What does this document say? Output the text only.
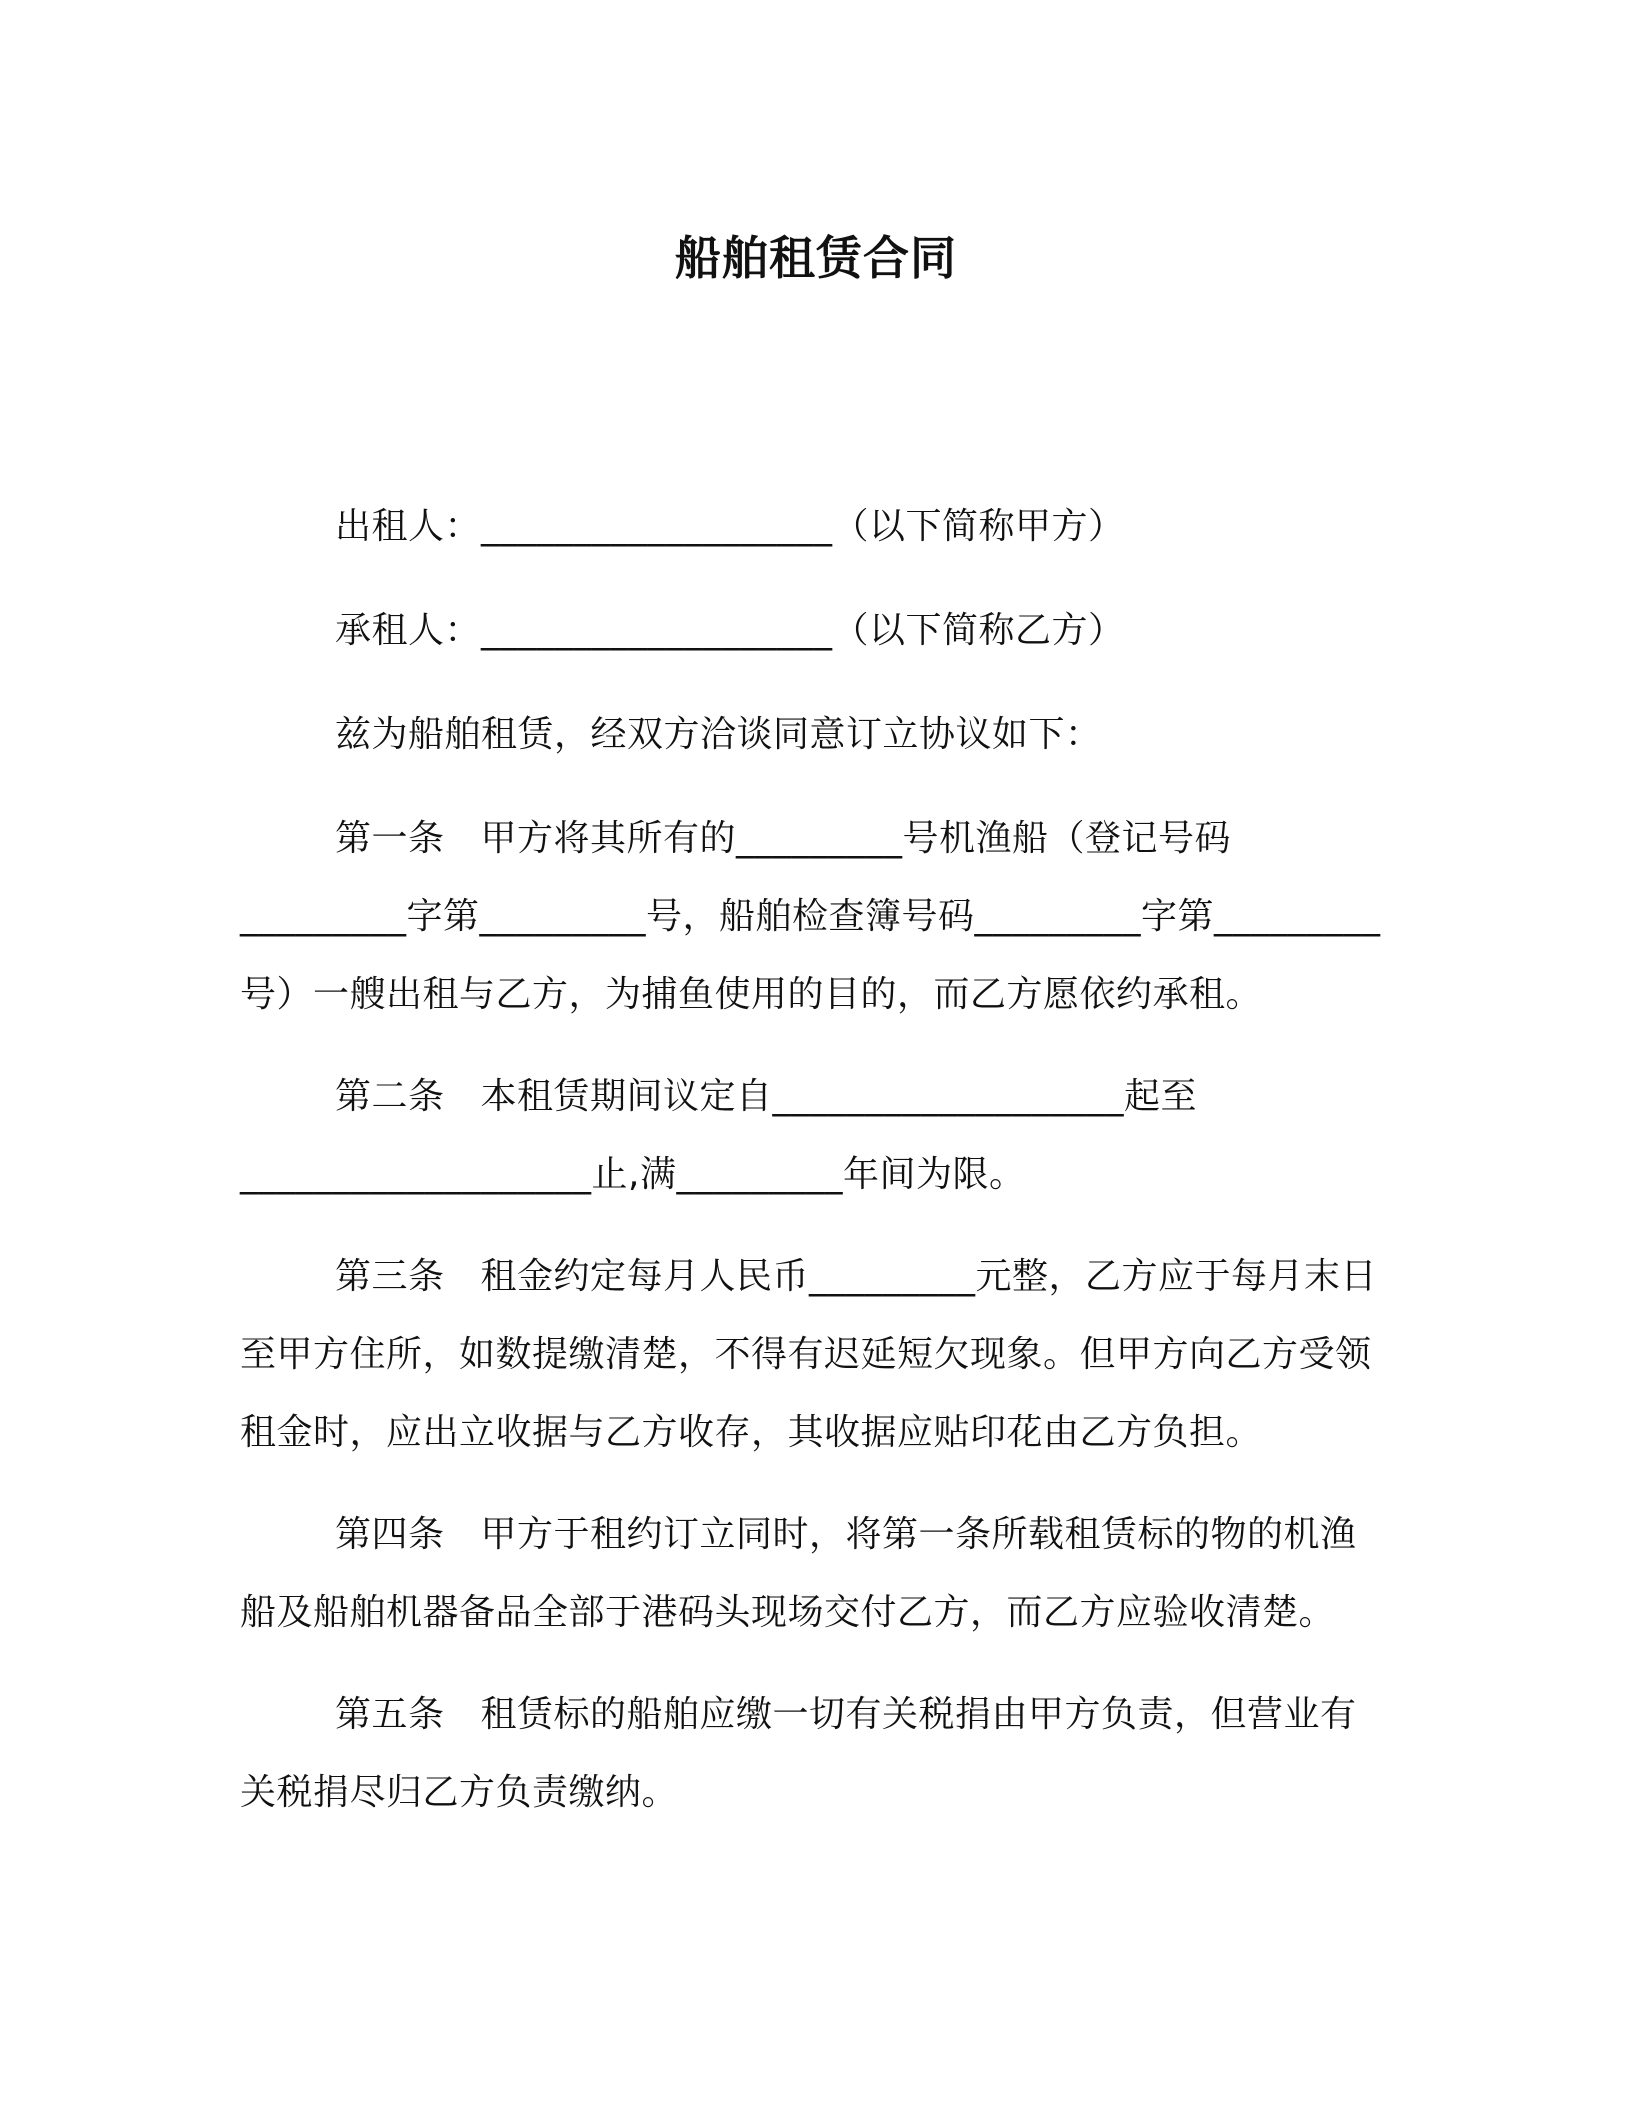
船舶租赁合同

出租人：___________________（以下简称甲方）

承租人：___________________（以下简称乙方）

兹为船舶租赁，经双方洽谈同意订立协议如下：

第一条 甲方将其所有的_________号机渔船（登记号码_________字第_________号，船舶检查簿号码_________字第_________号）一艘出租与乙方，为捕鱼使用的目的，而乙方愿依约承租。

第二条 本租赁期间议定自___________________起至___________________止,满_________年间为限。

第三条 租金约定每月人民币_________元整，乙方应于每月末日至甲方住所，如数提缴清楚，不得有迟延短欠现象。但甲方向乙方受领租金时，应出立收据与乙方收存，其收据应贴印花由乙方负担。

第四条 甲方于租约订立同时，将第一条所载租赁标的物的机渔船及船舶机器备品全部于港码头现场交付乙方，而乙方应验收清楚。

第五条 租赁标的船舶应缴一切有关税捐由甲方负责，但营业有关税捐尽归乙方负责缴纳。
